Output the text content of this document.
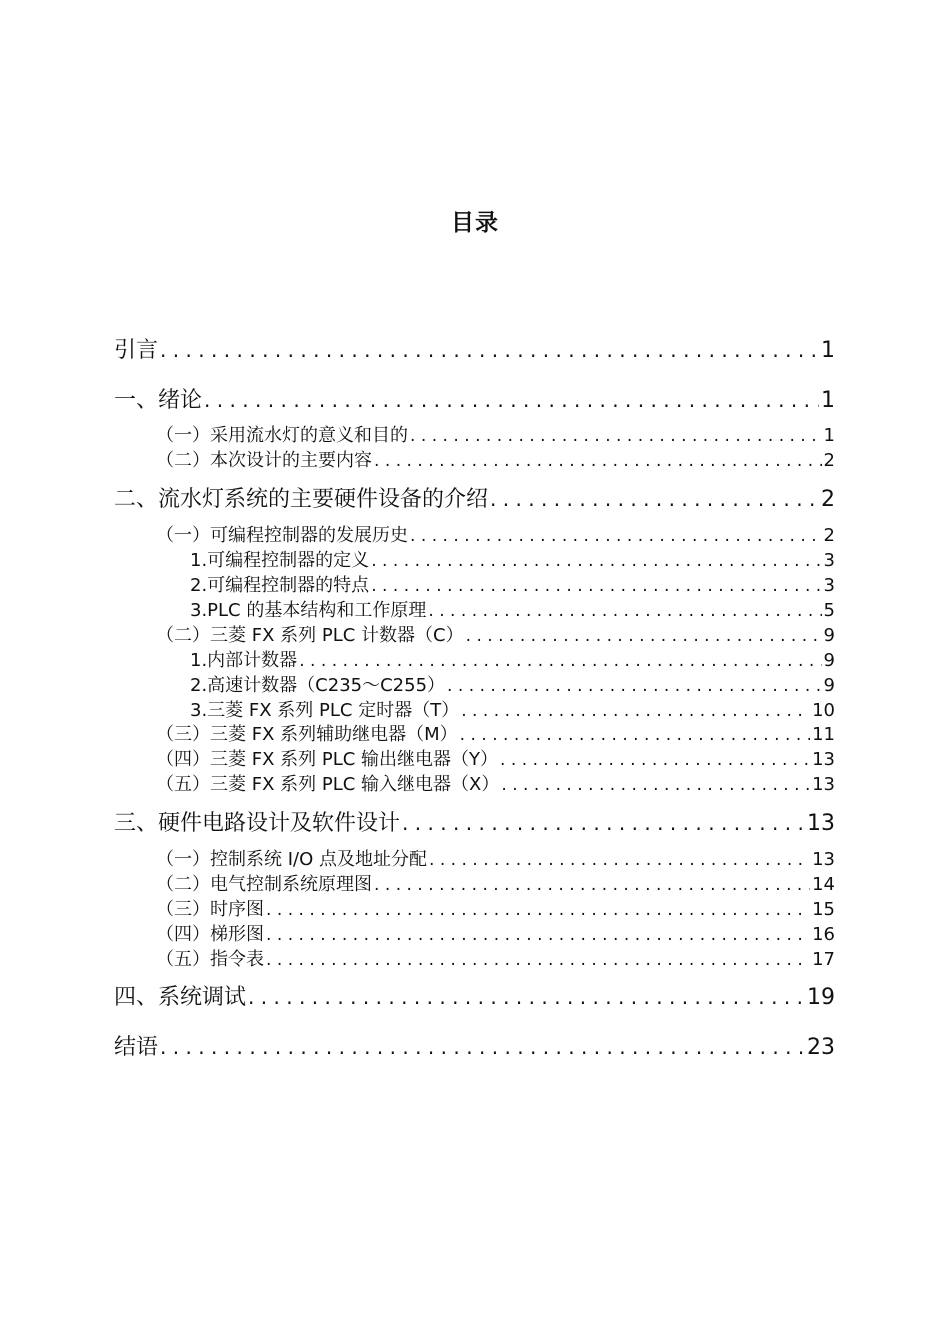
目录
引言 .....	1
一、绪论 .....	1
（一）采用流水灯的意义和目的 .....	1
（二）本次设计的主要内容 .....	2
二、流水灯系统的主要硬件设备的介绍 .....	2
（一）可编程控制器的发展历史 .....	2
1.可编程控制器的定义 .....	3
2.可编程控制器的特点 .....	3
3.PLC 的基本结构和工作原理 .....	5
（二）三菱 FX 系列 PLC 计数器（C） .....	9
1.内部计数器 .....	9
2.高速计数器（C235～C255） .....	9
3.三菱 FX 系列 PLC 定时器（T） .....	10
（三）三菱 FX 系列辅助继电器（M） .....	11
（四）三菱 FX 系列 PLC 输出继电器（Y） .....	13
（五）三菱 FX 系列 PLC 输入继电器（X） .....	13
三、硬件电路设计及软件设计 .....	13
（一）控制系统 I/O 点及地址分配 .....	13
（二）电气控制系统原理图 .....	14
（三）时序图 .....	15
（四）梯形图 .....	16
（五）指令表 .....	17
四、系统调试 .....	19
结语 .....	23
